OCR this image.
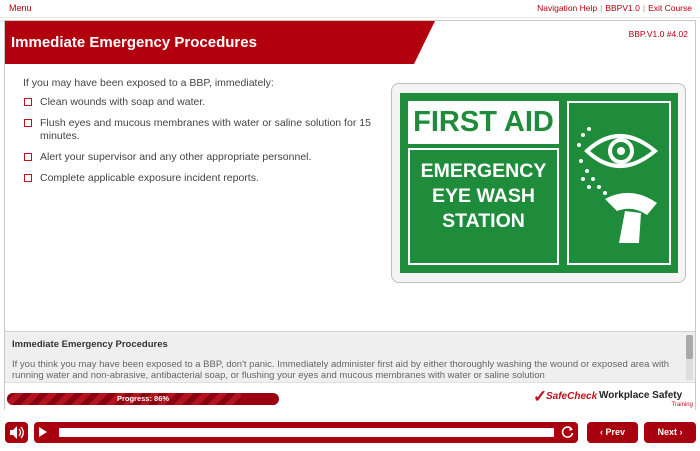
Menu	Navigation Help | BBPV1.0 | Exit Course
Immediate Emergency Procedures	BBP.V1.0 #4.02
If you may have been exposed to a BBP, immediately:
Clean wounds with soap and water.
Flush eyes and mucous membranes with water or saline solution for 15 minutes.
Alert your supervisor and any other appropriate personnel.
Complete applicable exposure incident reports.
FIRST AID
EMERGENCY
EYE WASH
STATION
Immediate Emergency Procedures
If you think you may have been exposed to a BBP, don't panic. Immediately administer first aid by either thoroughly washing the wound or exposed area with running water and non-abrasive, antibacterial soap, or flushing your eyes and mucous membranes with water or saline solution
Progress: 86%	✓
SafeCheck Workplace Safety
Training
‹ Prev	Next ›
